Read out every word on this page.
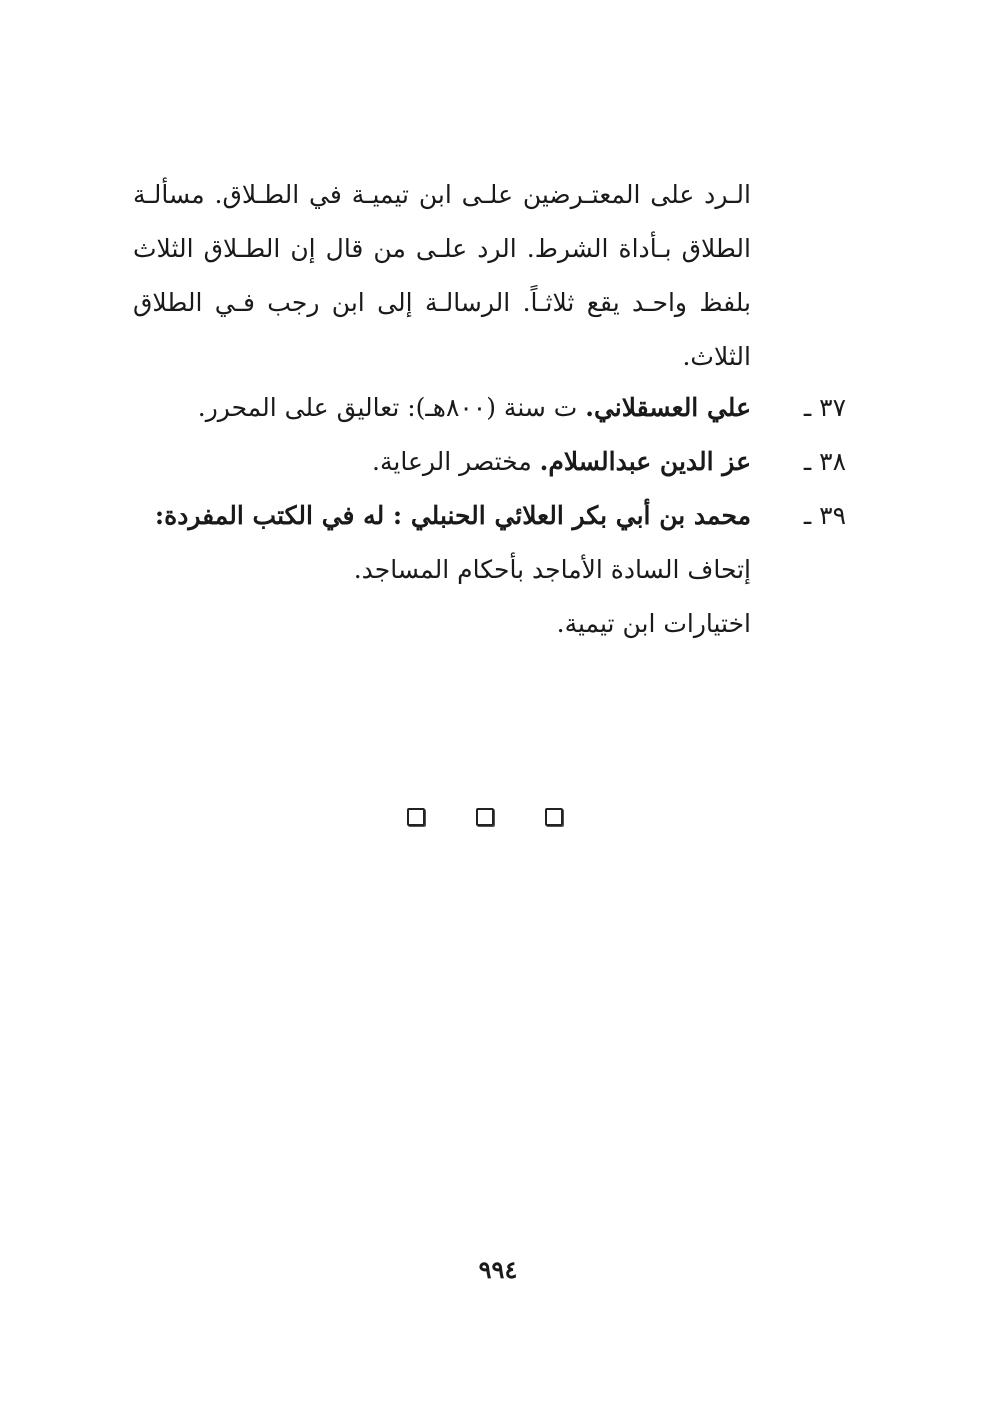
الـرد على المعتـرضين علـى ابن تيميـة في الطـلاق. مسألـة
الطلاق بـأداة الشرط. الرد علـى من قال إن الطـلاق الثلاث
بلفظ واحـد يقع ثلاثـاً. الرسالـة إلى ابن رجب فـي الطلاق
الثلاث.
٣٧ ـ
علي العسقلاني. ت سنة (٨٠٠هـ): تعاليق على المحرر.
٣٨ ـ
عز الدين عبدالسلام. مختصر الرعاية.
٣٩ ـ
محمد بن أبي بكر العلائي الحنبلي : له في الكتب المفردة:
إتحاف السادة الأماجد بأحكام المساجد.
اختيارات ابن تيمية.
٩٩٤
